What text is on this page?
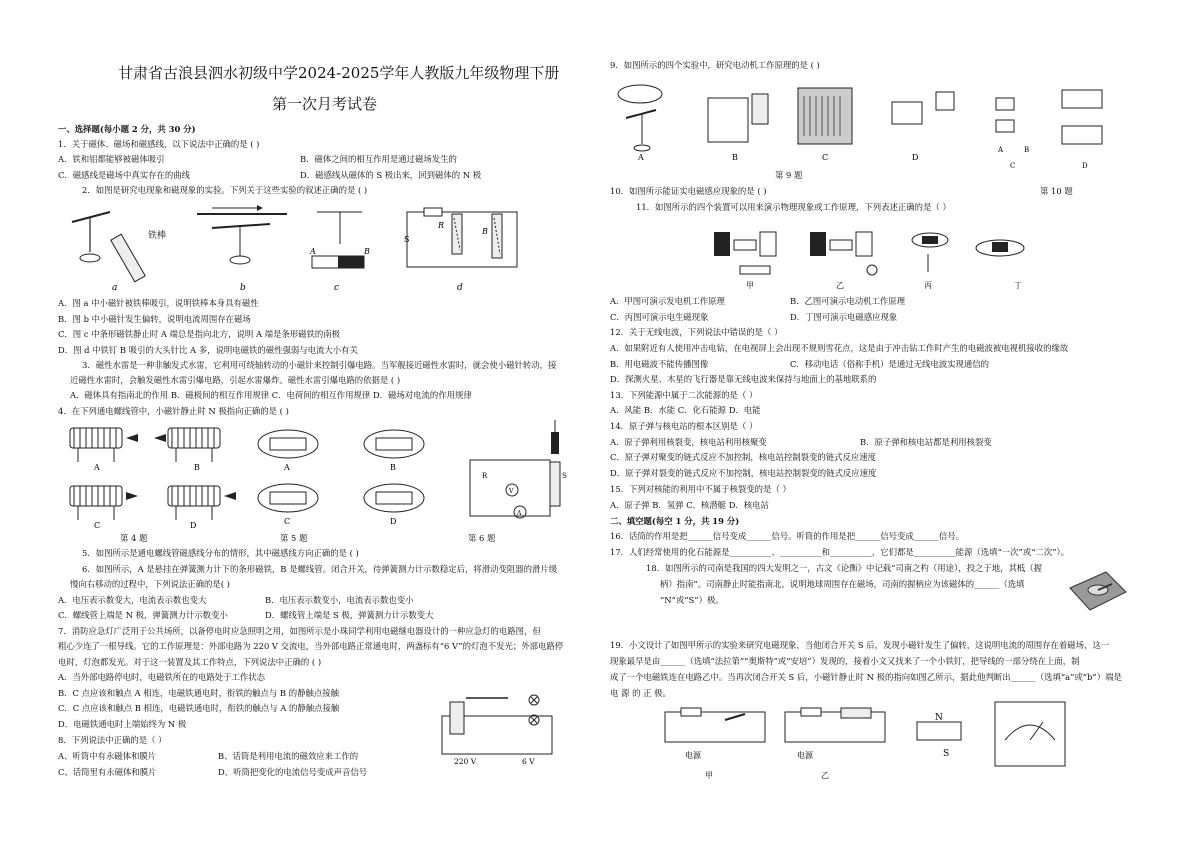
甘肃省古浪县泗水初级中学2024-2025学年人教版九年级物理下册
第一次月考试卷
一、选择题(每小题 2 分，共 30 分)
1．关于磁体、磁场和磁感线，以下说法中正确的是 ( )
A．铁和铝都能够被磁体吸引	B．磁体之间的相互作用是通过磁场发生的
C．磁感线是磁场中真实存在的曲线	D．磁感线从磁体的 S 极出来，回到磁体的 N 极
2．如图是研究电现象和磁现象的实验。下列关于这些实验的叙述正确的是 ( )
铁棒
a	b
A	B
c
S
R
B
d
A．图 a 中小磁针被铁棒吸引，说明铁棒本身具有磁性
B．图 b 中小磁针发生偏转，说明电流周围存在磁场
C．图 c 中条形磁铁静止时 A 端总是指向北方，说明 A 端是条形磁铁的南极
D．图 d 中铁钉 B 吸引的大头针比 A 多，说明电磁铁的磁性强弱与电流大小有关
3．磁性水雷是一种非触发式水雷，它利用可绕轴转动的小磁针来控制引爆电路。当军舰接近磁性水雷时，就会使小磁针转动，接
近磁性水雷时，会触发磁性水雷引爆电路，引起水雷爆炸。磁性水雷引爆电路的依据是 ( )
A．磁体具有指南北的作用 B．磁极间的相互作用规律 C．电荷间的相互作用规律 D．磁场对电流的作用规律
4．在下列通电螺线管中，小磁针静止时 N 极指向正确的是 ( )
A	B
C	D
A	B
C	D
V
A
R	S
第 4 题	第 5 题	第 6 题
5．如图所示是通电螺线管磁感线分布的情形，其中磁感线方向正确的是 ( )
6．如图所示，A 是悬挂在弹簧测力计下的条形磁铁，B 是螺线管。闭合开关，待弹簧测力计示数稳定后，将滑动变阻器的滑片缓
慢向右移动的过程中，下列说法正确的是( )
A．电压表示数变大，电流表示数也变大	B．电压表示数变小，电流表示数也变小
C．螺线管上端是 N 极，弹簧测力计示数变小	D．螺线管上端是 S 极，弹簧测力计示数变大
7．消防应急灯广泛用于公共场所，以备停电时应急照明之用，如图所示是小珠同学利用电磁继电器设计的一种应急灯的电路图，但
粗心少连了一根导线。它的工作原理是：外部电路为 220 V 交流电，当外部电路正常通电时，两盏标有“6 V”的灯泡不发光；外部电路停
电时，灯泡都发光。对于这一装置及其工作特点，下列说法中正确的 ( )
A．当外部电路停电时，电磁铁所在的电路处于工作状态
B．C 点应该和触点 A 相连，电磁铁通电时，衔铁的触点与 B 的静触点接触
C．C 点应该和触点 B 相连，电磁铁通电时，衔铁的触点与 A 的静触点接触
D．电磁铁通电时上端始终为 N 极
8．下列说法中正确的是（ ）
A、听筒中有永磁体和膜片	B、话筒是利用电流的磁效应来工作的
C、话筒里有永磁体和膜片	D、听筒把变化的电流信号变成声音信号
220 V	6 V
9．如图所示的四个实验中，研究电动机工作原理的是 ( )
A	B	C	D
A	B
C	D
第 9 题
10．如图所示能证实电磁感应现象的是 ( )	第 10 题
11．如图所示的四个装置可以用来演示物理现象或工作原理，下列表述正确的是（ ）
甲	乙	丙	丁
A．甲图可演示发电机工作原理	B．乙图可演示电动机工作原理
C．丙图可演示电生磁现象	D．丁图可演示电磁感应现象
12．关于无线电波，下列说法中错误的是（ ）
A．如果附近有人使用冲击电钻，在电视屏上会出现不规则雪花点，这是由于冲击钻工作时产生的电磁波被电视机接收的缘故
B．用电磁波不能传播图像	C．移动电话（俗称手机）是通过无线电波实现通信的
D．探测火星、木星的飞行器是靠无线电波来保持与地面上的基地联系的
13．下列能源中属于二次能源的是（ ）
A．风能 B．水能 C．化石能源 D．电能
14．原子弹与核电站的根本区别是（ ）
A．原子弹利用核裂变，核电站利用核聚变	B．原子弹和核电站都是利用核裂变
C．原子弹对聚变的链式反应不加控制，核电站控制裂变的链式反应速度
D．原子弹对裂变的链式反应不加控制，核电站控制裂变的链式反应速度
15．下列对核能的利用中不属于核裂变的是（ ）
A．原子弹 B．氢弹 C．核潜艇 D．核电站
二、填空题(每空 1 分，共 19 分)
16．话筒的作用是把______信号变成______信号。听筒的作用是把______信号变成______信号。
17．人们经常使用的化石能源是__________、__________和__________，它们都是__________能源（选填“一次”或“二次”）。
18．如图所示的司南是我国的四大发明之一，古文《论衡》中记载“司南之杓（用途），投之于地，其柢（握
柄）指南”。司南静止时能指南北，说明地球周围存在磁场，司南的握柄应为该磁体的______（选填
“N”或“S”）极。
19．小文设计了如图甲所示的实验来研究电磁现象，当他闭合开关 S 后，发现小磁针发生了偏转，这说明电流的周围存在着磁场，这一
现象最早是由______（选填“法拉第”“奥斯特”或“安培”）发现的，接着小文又找来了一个小铁钉，把导线的一部分绕在上面，制
成了一个电磁铁连在电路乙中。当再次闭合开关 S 后，小磁针静止时 N 极的指向如图乙所示，据此他判断出______（选填“a”或“b”）端是
电 源 的 正 极。
电源
甲
电源
乙
N
S
